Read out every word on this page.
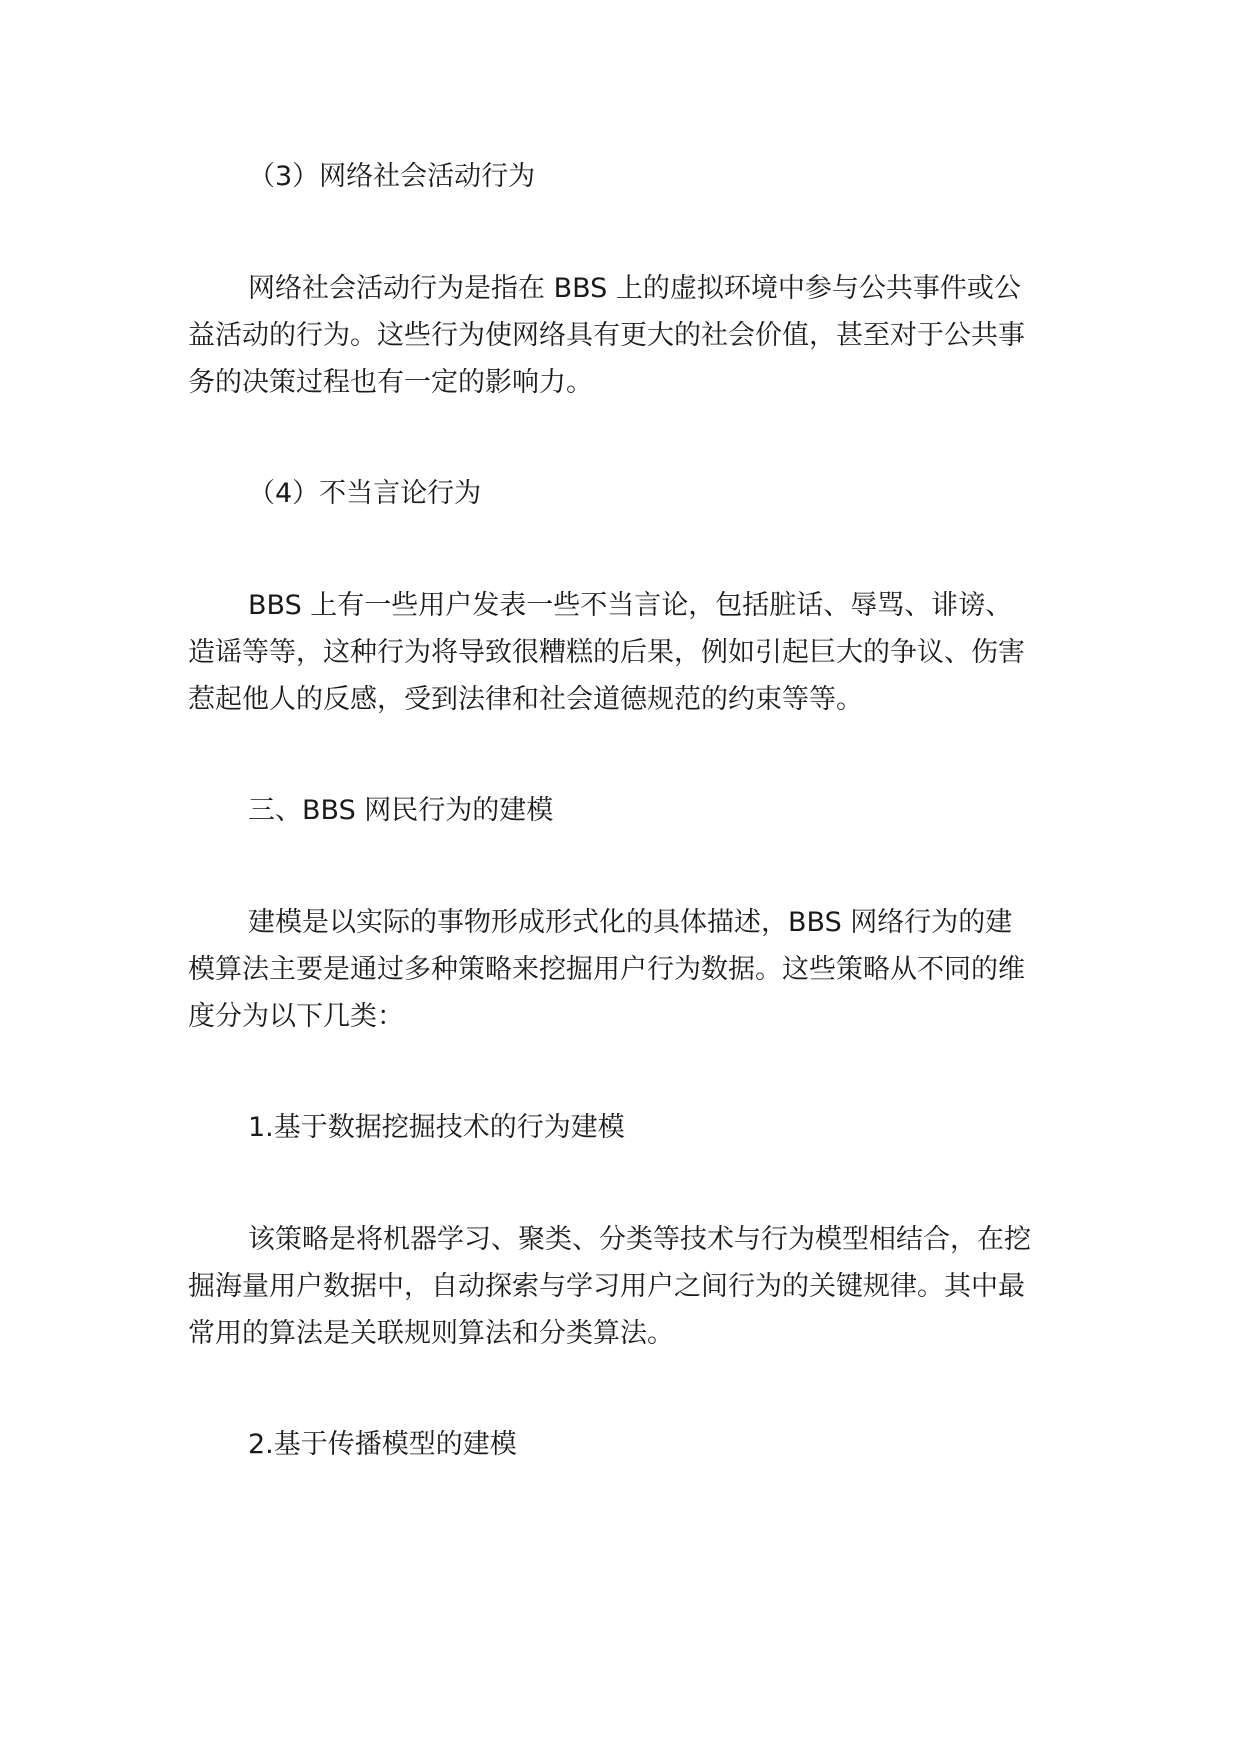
（3）网络社会活动行为

网络社会活动行为是指在 BBS 上的虚拟环境中参与公共事件或公益活动的行为。这些行为使网络具有更大的社会价值，甚至对于公共事务的决策过程也有一定的影响力。

（4）不当言论行为

BBS 上有一些用户发表一些不当言论，包括脏话、辱骂、诽谤、造谣等等，这种行为将导致很糟糕的后果，例如引起巨大的争议、伤害惹起他人的反感，受到法律和社会道德规范的约束等等。

三、BBS 网民行为的建模

建模是以实际的事物形成形式化的具体描述，BBS 网络行为的建模算法主要是通过多种策略来挖掘用户行为数据。这些策略从不同的维度分为以下几类：

1.基于数据挖掘技术的行为建模

该策略是将机器学习、聚类、分类等技术与行为模型相结合，在挖掘海量用户数据中，自动探索与学习用户之间行为的关键规律。其中最常用的算法是关联规则算法和分类算法。

2.基于传播模型的建模
